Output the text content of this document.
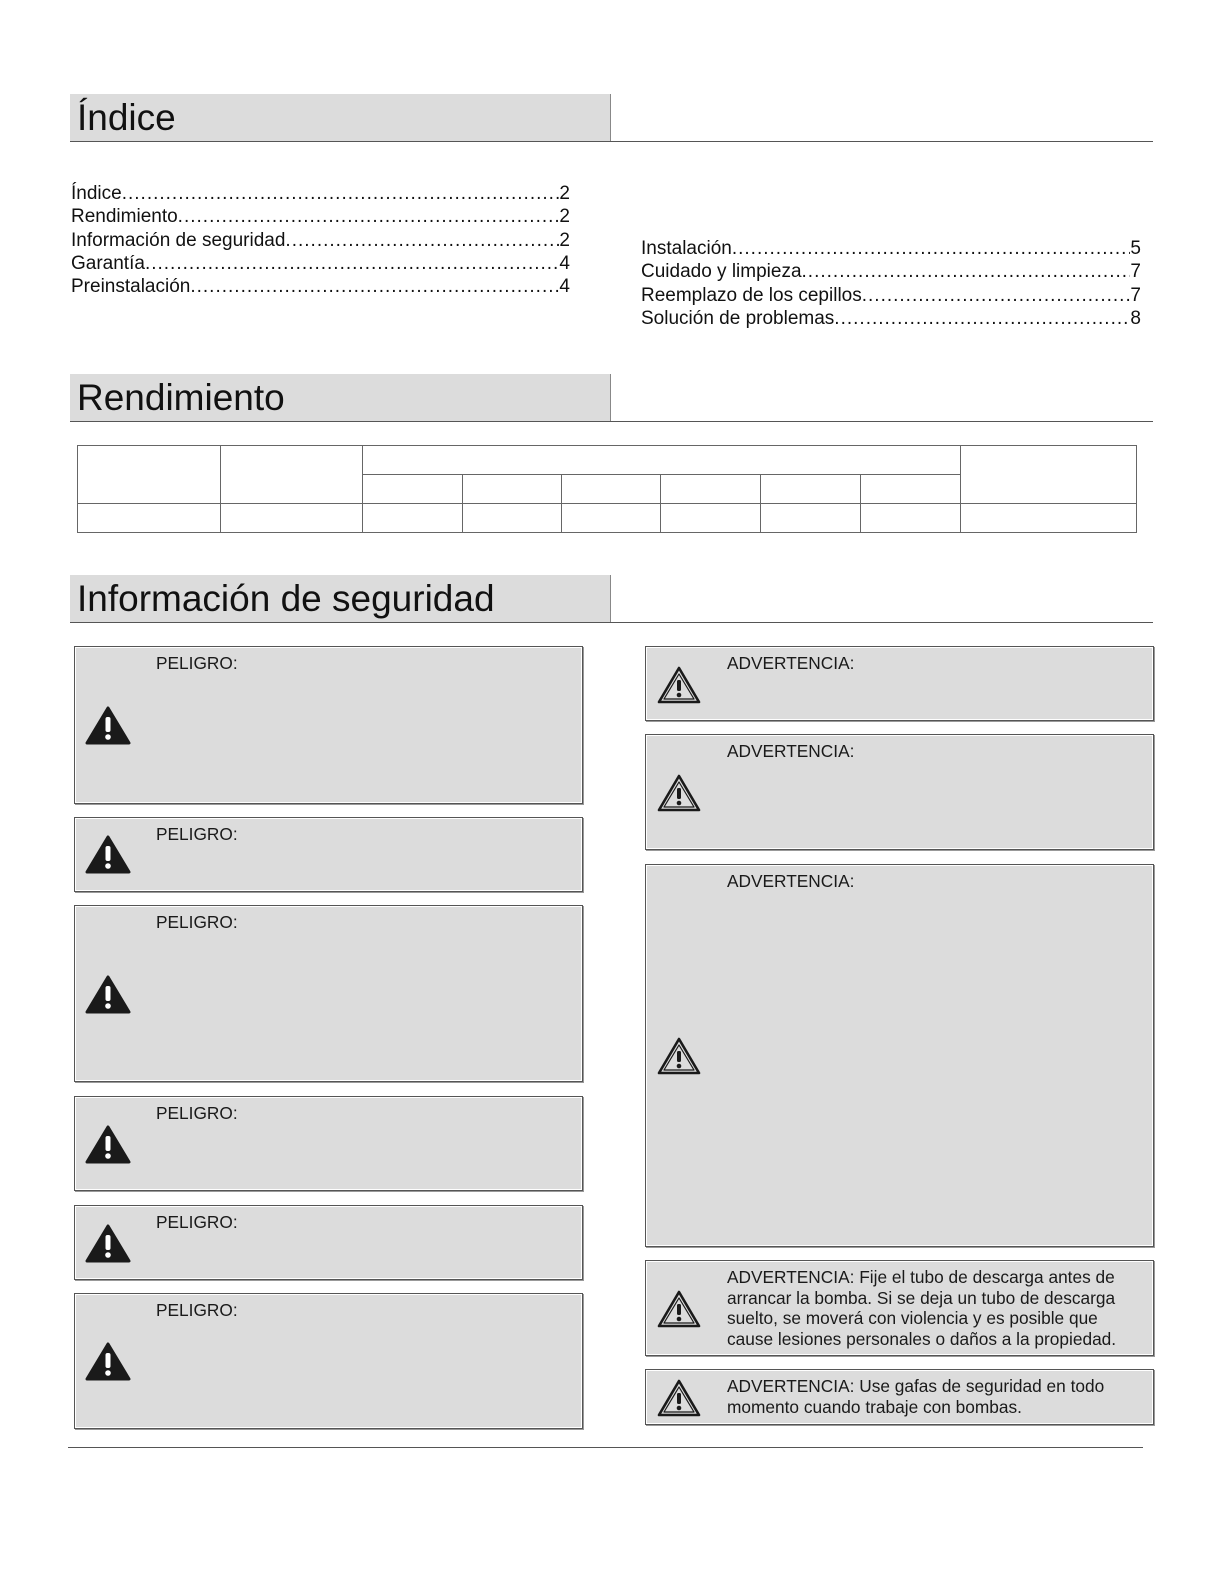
Índice
Índice .....	2
Rendimiento .....	2
Información de seguridad .....	2
Garantía .....	4
Preinstalación .....	4
Instalación .....	5
Cuidado y limpieza .....	7
Reemplazo de los cepillos .....	7
Solución de problemas .....	8
Rendimiento

Información de seguridad
PELIGRO:
PELIGRO:
PELIGRO:
PELIGRO:
PELIGRO:
PELIGRO:
ADVERTENCIA:
ADVERTENCIA:
ADVERTENCIA:
ADVERTENCIA: Fije el tubo de descarga antes de arrancar la bomba. Si se deja un tubo de descarga suelto, se moverá con violencia y es posible que cause lesiones personales o daños a la propiedad.
ADVERTENCIA: Use gafas de seguridad en todo momento cuando trabaje con bombas.
